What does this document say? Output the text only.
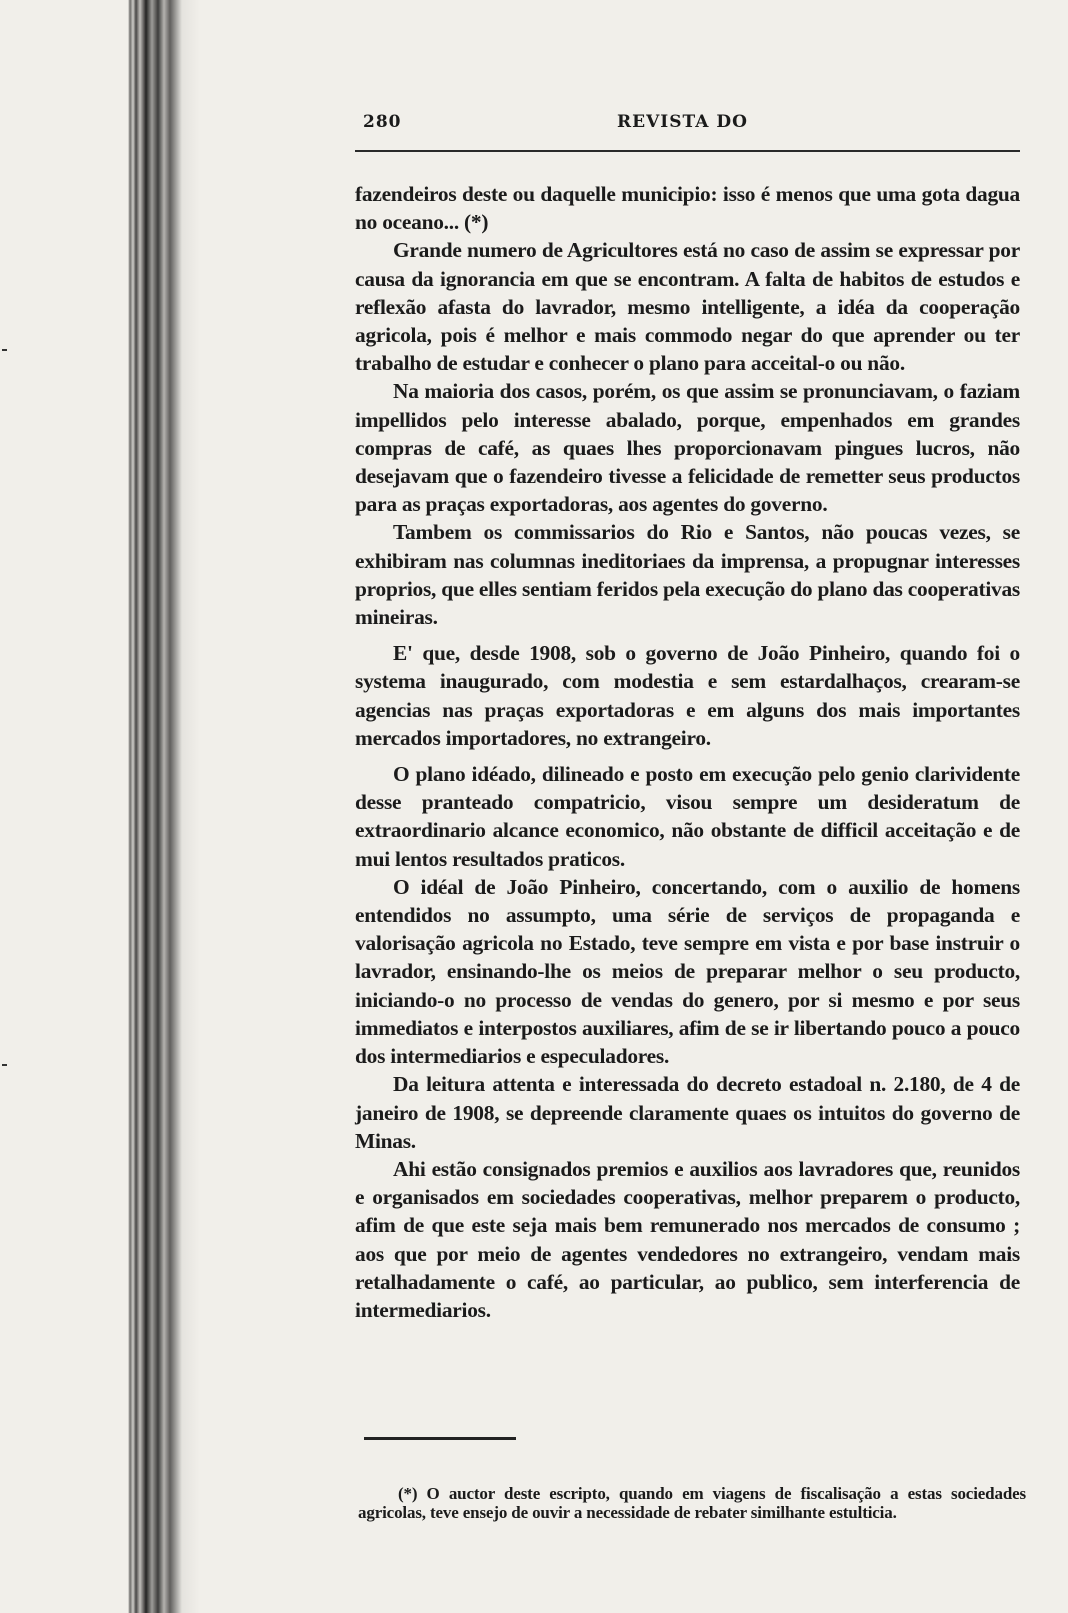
280	REVISTA DO

fazendeiros deste ou daquelle municipio: isso é menos que uma gota dagua no oceano... (*)

Grande numero de Agricultores está no caso de assim se expressar por causa da ignorancia em que se encontram. A falta de habitos de estudos e reflexão afasta do lavrador, mesmo intelligente, a idéa da cooperação agricola, pois é melhor e mais commodo negar do que aprender ou ter trabalho de estudar e conhecer o plano para acceital-o ou não.

Na maioria dos casos, porém, os que assim se pronunciavam, o faziam impellidos pelo interesse abalado, porque, empenhados em grandes compras de café, as quaes lhes proporcionavam pingues lucros, não desejavam que o fazendeiro tivesse a felicidade de remetter seus productos para as praças exportadoras, aos agentes do governo.

Tambem os commissarios do Rio e Santos, não poucas vezes, se exhibiram nas columnas ineditoriaes da imprensa, a propugnar interesses proprios, que elles sentiam feridos pela execução do plano das cooperativas mineiras.

E' que, desde 1908, sob o governo de João Pinheiro, quando foi o systema inaugurado, com modestia e sem estardalhaços, crearam-se agencias nas praças exportadoras e em alguns dos mais importantes mercados importadores, no extrangeiro.

O plano idéado, dilineado e posto em execução pelo genio clarividente desse pranteado compatricio, visou sempre um desideratum de extraordinario alcance economico, não obstante de difficil acceitação e de mui lentos resultados praticos.

O idéal de João Pinheiro, concertando, com o auxilio de homens entendidos no assumpto, uma série de serviços de propaganda e valorisação agricola no Estado, teve sempre em vista e por base instruir o lavrador, ensinando-lhe os meios de preparar melhor o seu producto, iniciando-o no processo de vendas do genero, por si mesmo e por seus immediatos e interpostos auxiliares, afim de se ir libertando pouco a pouco dos intermediarios e especuladores.

Da leitura attenta e interessada do decreto estadoal n. 2.180, de 4 de janeiro de 1908, se depreende claramente quaes os intuitos do governo de Minas.

Ahi estão consignados premios e auxilios aos lavradores que, reunidos e organisados em sociedades cooperativas, melhor preparem o producto, afim de que este seja mais bem remunerado nos mercados de consumo ; aos que por meio de agentes vendedores no extrangeiro, vendam mais retalhadamente o café, ao particular, ao publico, sem interferencia de intermediarios.

(*) O auctor deste escripto, quando em viagens de fiscalisação a estas sociedades agricolas, teve ensejo de ouvir a necessidade de rebater similhante estulticia.
